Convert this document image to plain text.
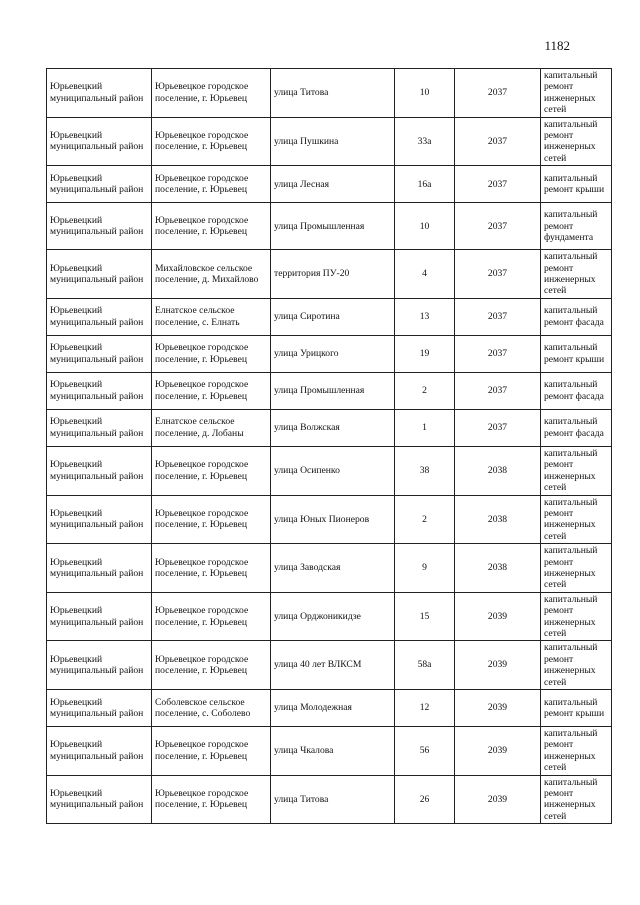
1182
Юрьевецкий муниципальный район	Юрьевецкое городское поселение, г. Юрьевец	улица Титова	10	2037	капитальный ремонт инженерных сетей
Юрьевецкий муниципальный район	Юрьевецкое городское поселение, г. Юрьевец	улица Пушкина	33а	2037	капитальный ремонт инженерных сетей
Юрьевецкий муниципальный район	Юрьевецкое городское поселение, г. Юрьевец	улица Лесная	16а	2037	капитальный ремонт крыши
Юрьевецкий муниципальный район	Юрьевецкое городское поселение, г. Юрьевец	улица Промышленная	10	2037	капитальный ремонт фундамента
Юрьевецкий муниципальный район	Михайловское сельское поселение, д. Михайлово	территория ПУ-20	4	2037	капитальный ремонт инженерных сетей
Юрьевецкий муниципальный район	Елнатское сельское поселение, с. Елнать	улица Сиротина	13	2037	капитальный ремонт фасада
Юрьевецкий муниципальный район	Юрьевецкое городское поселение, г. Юрьевец	улица Урицкого	19	2037	капитальный ремонт крыши
Юрьевецкий муниципальный район	Юрьевецкое городское поселение, г. Юрьевец	улица Промышленная	2	2037	капитальный ремонт фасада
Юрьевецкий муниципальный район	Елнатское сельское поселение, д. Лобаны	улица Волжская	1	2037	капитальный ремонт фасада
Юрьевецкий муниципальный район	Юрьевецкое городское поселение, г. Юрьевец	улица Осипенко	38	2038	капитальный ремонт инженерных сетей
Юрьевецкий муниципальный район	Юрьевецкое городское поселение, г. Юрьевец	улица Юных Пионеров	2	2038	капитальный ремонт инженерных сетей
Юрьевецкий муниципальный район	Юрьевецкое городское поселение, г. Юрьевец	улица Заводская	9	2038	капитальный ремонт инженерных сетей
Юрьевецкий муниципальный район	Юрьевецкое городское поселение, г. Юрьевец	улица Орджоникидзе	15	2039	капитальный ремонт инженерных сетей
Юрьевецкий муниципальный район	Юрьевецкое городское поселение, г. Юрьевец	улица 40 лет ВЛКСМ	58а	2039	капитальный ремонт инженерных сетей
Юрьевецкий муниципальный район	Соболевское сельское поселение, с. Соболево	улица Молодежная	12	2039	капитальный ремонт крыши
Юрьевецкий муниципальный район	Юрьевецкое городское поселение, г. Юрьевец	улица Чкалова	56	2039	капитальный ремонт инженерных сетей
Юрьевецкий муниципальный район	Юрьевецкое городское поселение, г. Юрьевец	улица Титова	26	2039	капитальный ремонт инженерных сетей
